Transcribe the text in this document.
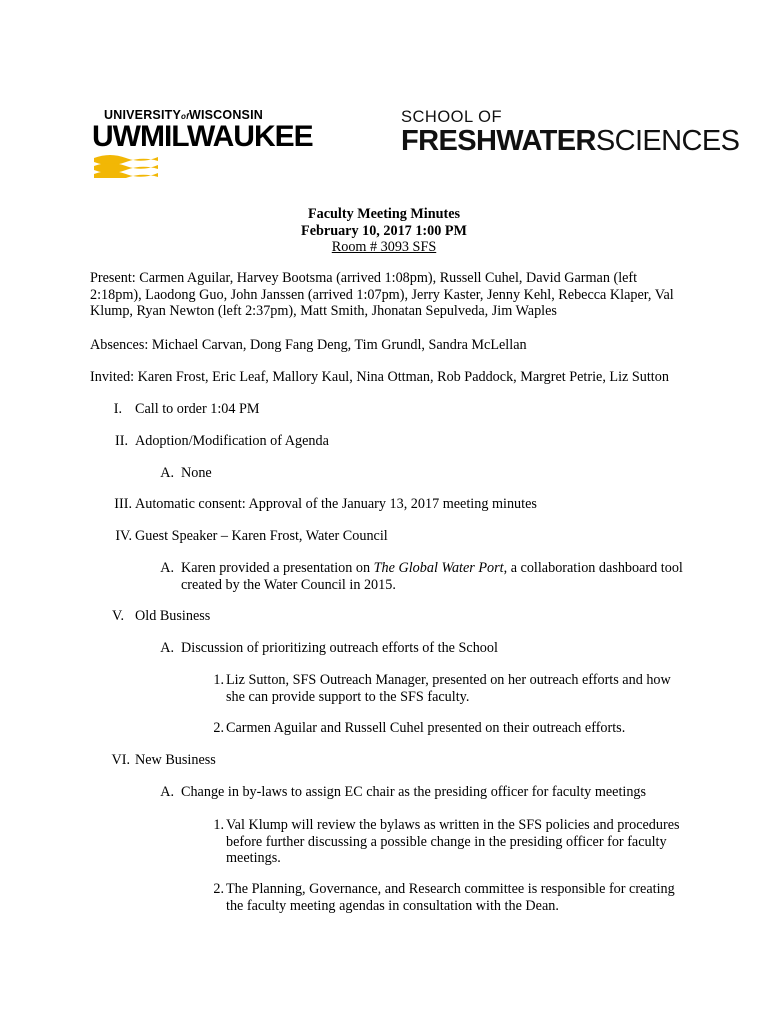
UNIVERSITYofWISCONSIN
UWMILWAUKEE
SCHOOL OF
FRESHWATERSCIENCES
Faculty Meeting Minutes
February 10, 2017 1:00 PM
Room # 3093 SFS
Present: Carmen Aguilar, Harvey Bootsma (arrived 1:08pm), Russell Cuhel, David Garman (left
2:18pm), Laodong Guo, John Janssen (arrived 1:07pm), Jerry Kaster, Jenny Kehl, Rebecca Klaper, Val
Klump, Ryan Newton (left 2:37pm), Matt Smith, Jhonatan Sepulveda, Jim Waples
Absences: Michael Carvan, Dong Fang Deng, Tim Grundl, Sandra McLellan
Invited: Karen Frost, Eric Leaf, Mallory Kaul, Nina Ottman, Rob Paddock, Margret Petrie, Liz Sutton
I. Call to order 1:04 PM
II. Adoption/Modification of Agenda
A. None
III. Automatic consent: Approval of the January 13, 2017 meeting minutes
IV. Guest Speaker – Karen Frost, Water Council
A. Karen provided a presentation on The Global Water Port, a collaboration dashboard tool
created by the Water Council in 2015.
V. Old Business
A. Discussion of prioritizing outreach efforts of the School
1. Liz Sutton, SFS Outreach Manager, presented on her outreach efforts and how
she can provide support to the SFS faculty.
2. Carmen Aguilar and Russell Cuhel presented on their outreach efforts.
VI. New Business
A. Change in by-laws to assign EC chair as the presiding officer for faculty meetings
1. Val Klump will review the bylaws as written in the SFS policies and procedures
before further discussing a possible change in the presiding officer for faculty
meetings.
2. The Planning, Governance, and Research committee is responsible for creating
the faculty meeting agendas in consultation with the Dean.
